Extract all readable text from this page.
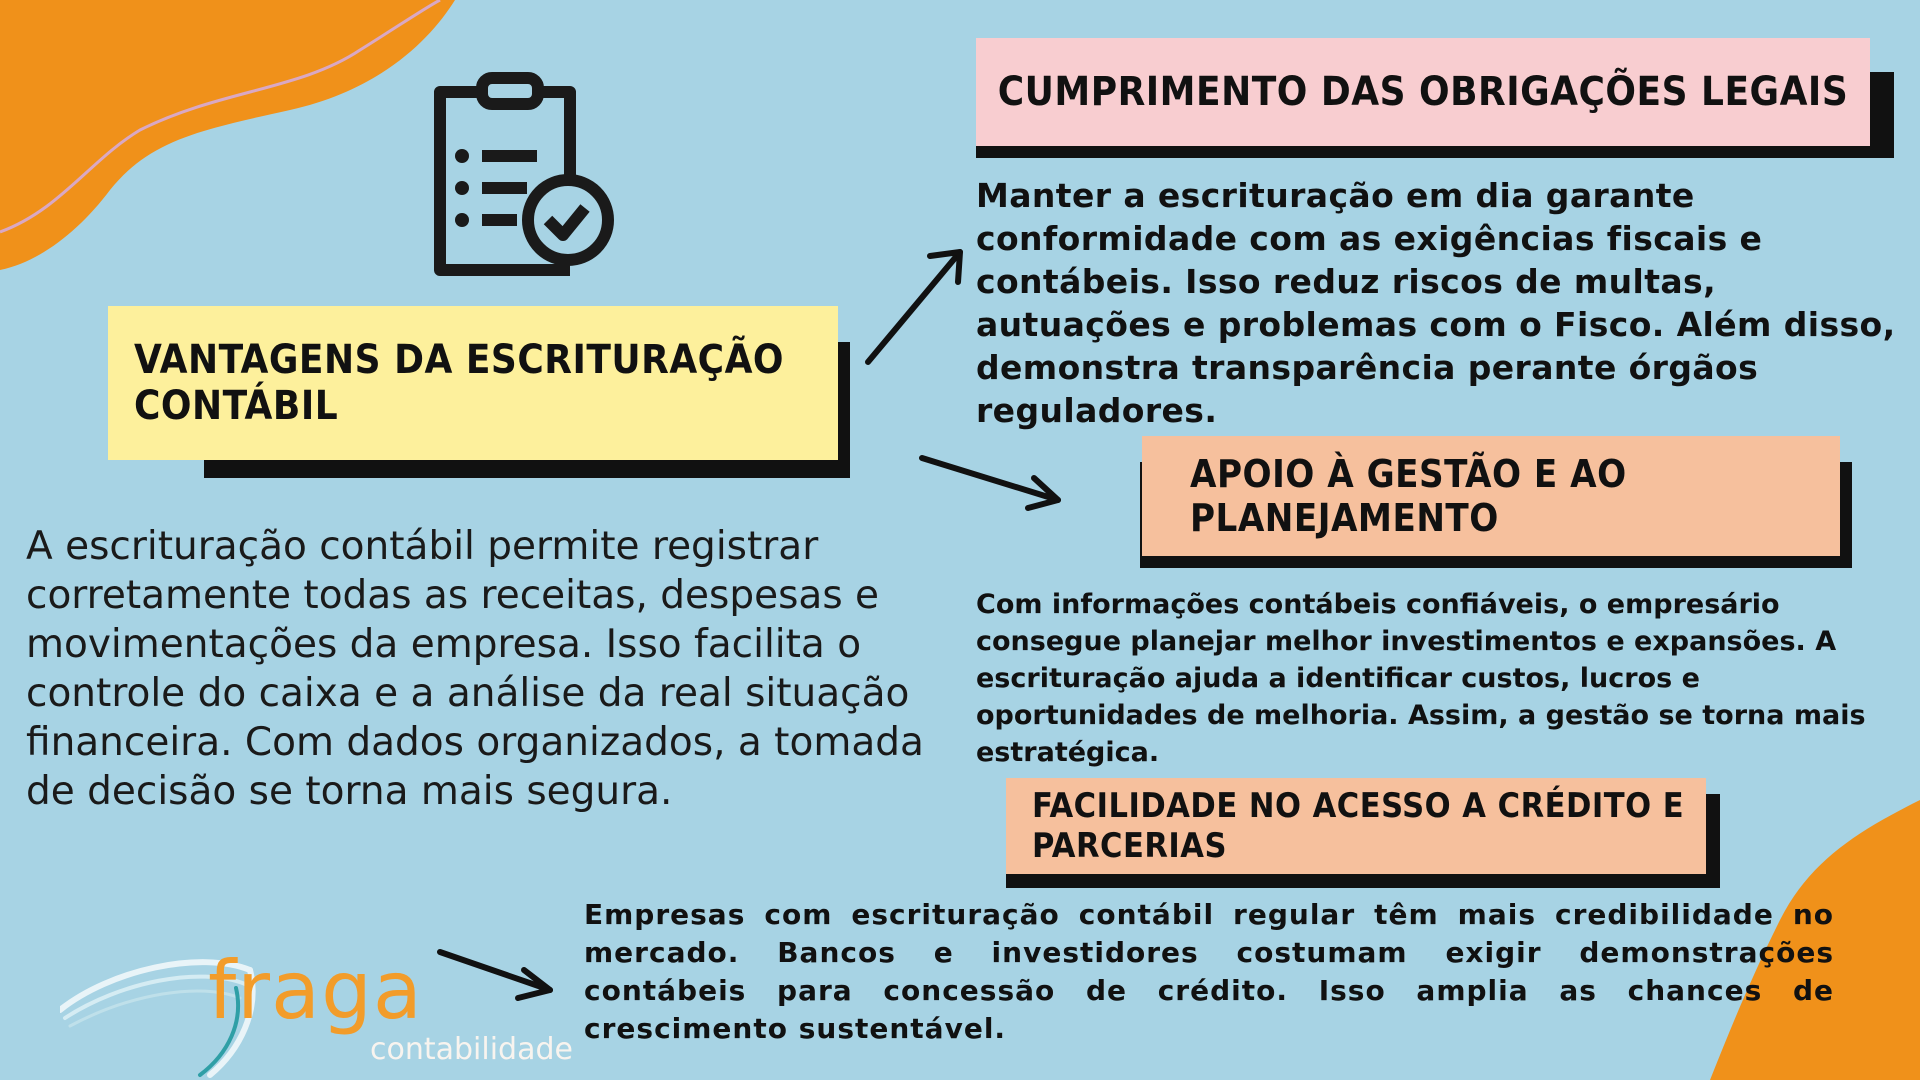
VANTAGENS DA ESCRITURAÇÃO CONTÁBIL

A escrituração contábil permite registrar corretamente todas as receitas, despesas e movimentações da empresa. Isso facilita o controle do caixa e a análise da real situação financeira. Com dados organizados, a tomada de decisão se torna mais segura.

CUMPRIMENTO DAS OBRIGAÇÕES LEGAIS

Manter a escrituração em dia garante conformidade com as exigências fiscais e contábeis. Isso reduz riscos de multas, autuações e problemas com o Fisco. Além disso, demonstra transparência perante órgãos reguladores.

APOIO À GESTÃO E AO PLANEJAMENTO

Com informações contábeis confiáveis, o empresário consegue planejar melhor investimentos e expansões. A escrituração ajuda a identificar custos, lucros e oportunidades de melhoria. Assim, a gestão se torna mais estratégica.

FACILIDADE NO ACESSO A CRÉDITO E PARCERIAS

Empresas com escrituração contábil regular têm mais credibilidade no mercado. Bancos e investidores costumam exigir demonstrações contábeis para concessão de crédito. Isso amplia as chances de crescimento sustentável.

fraga
contabilidade
